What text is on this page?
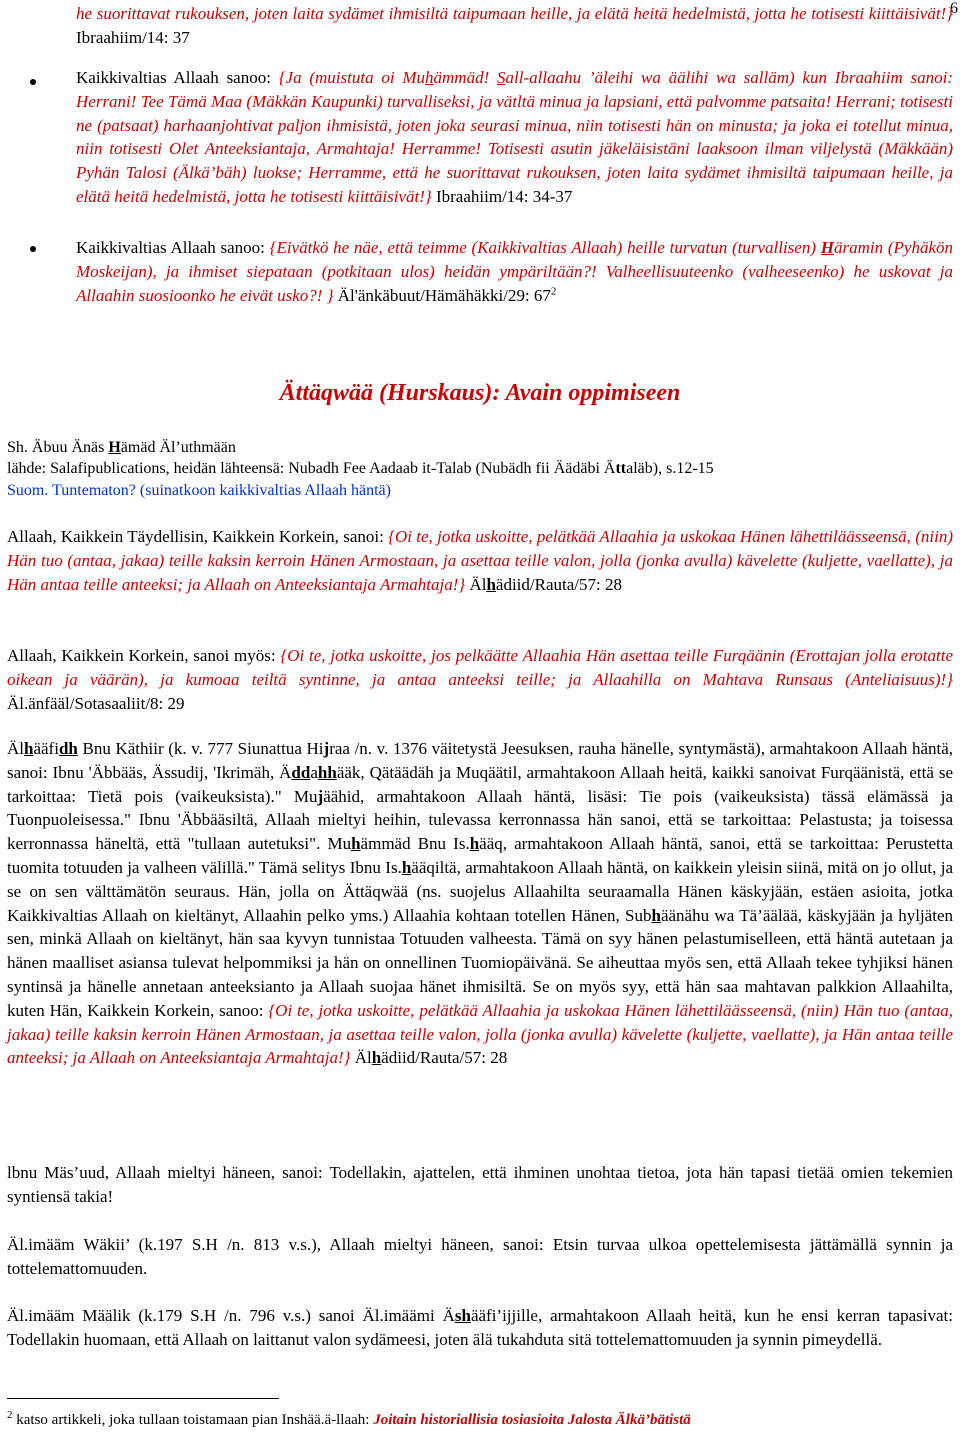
6
he suorittavat rukouksen, joten laita sydämet ihmisiltä taipumaan heille, ja elätä heitä hedelmistä, jotta he totisesti kiittäisivät!} Ibraahiim/14: 37
Kaikkivaltias Allaah sanoo: {Ja (muistuta oi Muhämmäd! Sall-allaahu ’äleihi wa äälihi wa salläm) kun Ibraahiim sanoi: Herrani! Tee Tämä Maa (Mäkkän Kaupunki) turvalliseksi, ja vätltä minua ja lapsiani, että palvomme patsaita! Herrani; totisesti ne (patsaat) harhaanjohtivat paljon ihmisistä, joten joka seurasi minua, niin totisesti hän on minusta; ja joka ei totellut minua, niin totisesti Olet Anteeksiantaja, Armahtaja! Herramme! Totisesti asutin jäkeläisistäni laaksoon ilman viljelystä (Mäkkään) Pyhän Talosi (Älkä’bäh) luokse; Herramme, että he suorittavat rukouksen, joten laita sydämet ihmisiltä taipumaan heille, ja elätä heitä hedelmistä, jotta he totisesti kiittäisivät!} Ibraahiim/14: 34-37
Kaikkivaltias Allaah sanoo: {Eivätkö he näe, että teimme (Kaikkivaltias Allaah) heille turvatun (turvallisen) Häramin (Pyhäkön Moskeijan), ja ihmiset siepataan (potkitaan ulos) heidän ympäriltään?! Valheellisuuteenko (valheeseenko) he uskovat ja Allaahin suosioonko he eivät usko?! } Äl'änkäbuut/Hämähäkki/29: $67^2$
Ättäqwää (Hurskaus): Avain oppimiseen
Sh. Äbuu Änäs Hämäd Äl’uthmään
lähde: Salafipublications, heidän lähteensä: Nubadh Fee Aadaab it-Talab (Nubädh fii Äädäbi Ättaläb), s.12-15
Suom. Tuntematon? (suinatkoon kaikkivaltias Allaah häntä)
Allaah, Kaikkein Täydellisin, Kaikkein Korkein, sanoi: {Oi te, jotka uskoitte, pelätkää Allaahia ja uskokaa Hänen lähettiläässeensä, (niin) Hän tuo (antaa, jakaa) teille kaksin kerroin Hänen Armostaan, ja asettaa teille valon, jolla (jonka avulla) kävelette (kuljette, vaellatte), ja Hän antaa teille anteeksi; ja Allaah on Anteeksiantaja Armahtaja!} Älhädiid/Rauta/57: 28
Allaah, Kaikkein Korkein, sanoi myös: {Oi te, jotka uskoitte, jos pelkäätte Allaahia Hän asettaa teille Furqäänin (Erottajan jolla erotatte oikean ja väärän), ja kumoaa teiltä syntinne, ja antaa anteeksi teille; ja Allaahilla on Mahtava Runsaus (Anteliaisuus)!} Äl.änfääl/Sotasaaliit/8: 29
Älhääfidh Bnu Käthiir (k. v. 777 Siunattua Hijraa /n. v. 1376 väitetystä Jeesuksen, rauha hänelle, syntymästä), armahtakoon Allaah häntä, sanoi: Ibnu 'Äbbääs, Ässudij, 'Ikrimäh, Äddahhääk, Qätäädäh ja Muqäätil, armahtakoon Allaah heitä, kaikki sanoivat Furqäänistä, että se tarkoittaa: Tietä pois (vaikeuksista)." Mujäähid, armahtakoon Allaah häntä, lisäsi: Tie pois (vaikeuksista) tässä elämässä ja Tuonpuoleisessa." Ibnu 'Äbbääsiltä, Allaah mieltyi heihin, tulevassa kerronnassa hän sanoi, että se tarkoittaa: Pelastusta; ja toisessa kerronnassa häneltä, että "tullaan autetuksi". Muhämmäd Bnu Is.hääq, armahtakoon Allaah häntä, sanoi, että se tarkoittaa: Perustetta tuomita totuuden ja valheen välillä." Tämä selitys Ibnu Is.hääqiltä, armahtakoon Allaah häntä, on kaikkein yleisin siinä, mitä on jo ollut, ja se on sen välttämätön seuraus. Hän, jolla on Ättäqwää (ns. suojelus Allaahilta seuraamalla Hänen käskyjään, estäen asioita, jotka Kaikkivaltias Allaah on kieltänyt, Allaahin pelko yms.) Allaahia kohtaan totellen Hänen, Subhäänähu wa Tä’äälää, käskyjään ja hyljäten sen, minkä Allaah on kieltänyt, hän saa kyvyn tunnistaa Totuuden valheesta. Tämä on syy hänen pelastumiselleen, että häntä autetaan ja hänen maalliset asiansa tulevat helpommiksi ja hän on onnellinen Tuomiopäivänä. Se aiheuttaa myös sen, että Allaah tekee tyhjiksi hänen syntinsä ja hänelle annetaan anteeksianto ja Allaah suojaa hänet ihmisiltä. Se on myös syy, että hän saa mahtavan palkkion Allaahilta, kuten Hän, Kaikkein Korkein, sanoo: {Oi te, jotka uskoitte, pelätkää Allaahia ja uskokaa Hänen lähettiläässeensä, (niin) Hän tuo (antaa, jakaa) teille kaksin kerroin Hänen Armostaan, ja asettaa teille valon, jolla (jonka avulla) kävelette (kuljette, vaellatte), ja Hän antaa teille anteeksi; ja Allaah on Anteeksiantaja Armahtaja!} Älhädiid/Rauta/57: 28
lbnu Mäs’uud, Allaah mieltyi häneen, sanoi: Todellakin, ajattelen, että ihminen unohtaa tietoa, jota hän tapasi tietää omien tekemien syntiensä takia!
Äl.imääm Wäkii’ (k.197 S.H /n. 813 v.s.), Allaah mieltyi häneen, sanoi: Etsin turvaa ulkoa opettelemisesta jättämällä synnin ja tottelemattomuuden.
Äl.imääm Määlik (k.179 S.H /n. 796 v.s.) sanoi Äl.imäämi Äshääfi’ijjille, armahtakoon Allaah heitä, kun he ensi kerran tapasivat: Todellakin huomaan, että Allaah on laittanut valon sydämeesi, joten älä tukahduta sitä tottelemattomuuden ja synnin pimeydellä.
$^2$ katso artikkeli, joka tullaan toistamaan pian Inshää.ä-llaah: Joitain historiallisia tosiasioita Jalosta Älkä’bätistä
